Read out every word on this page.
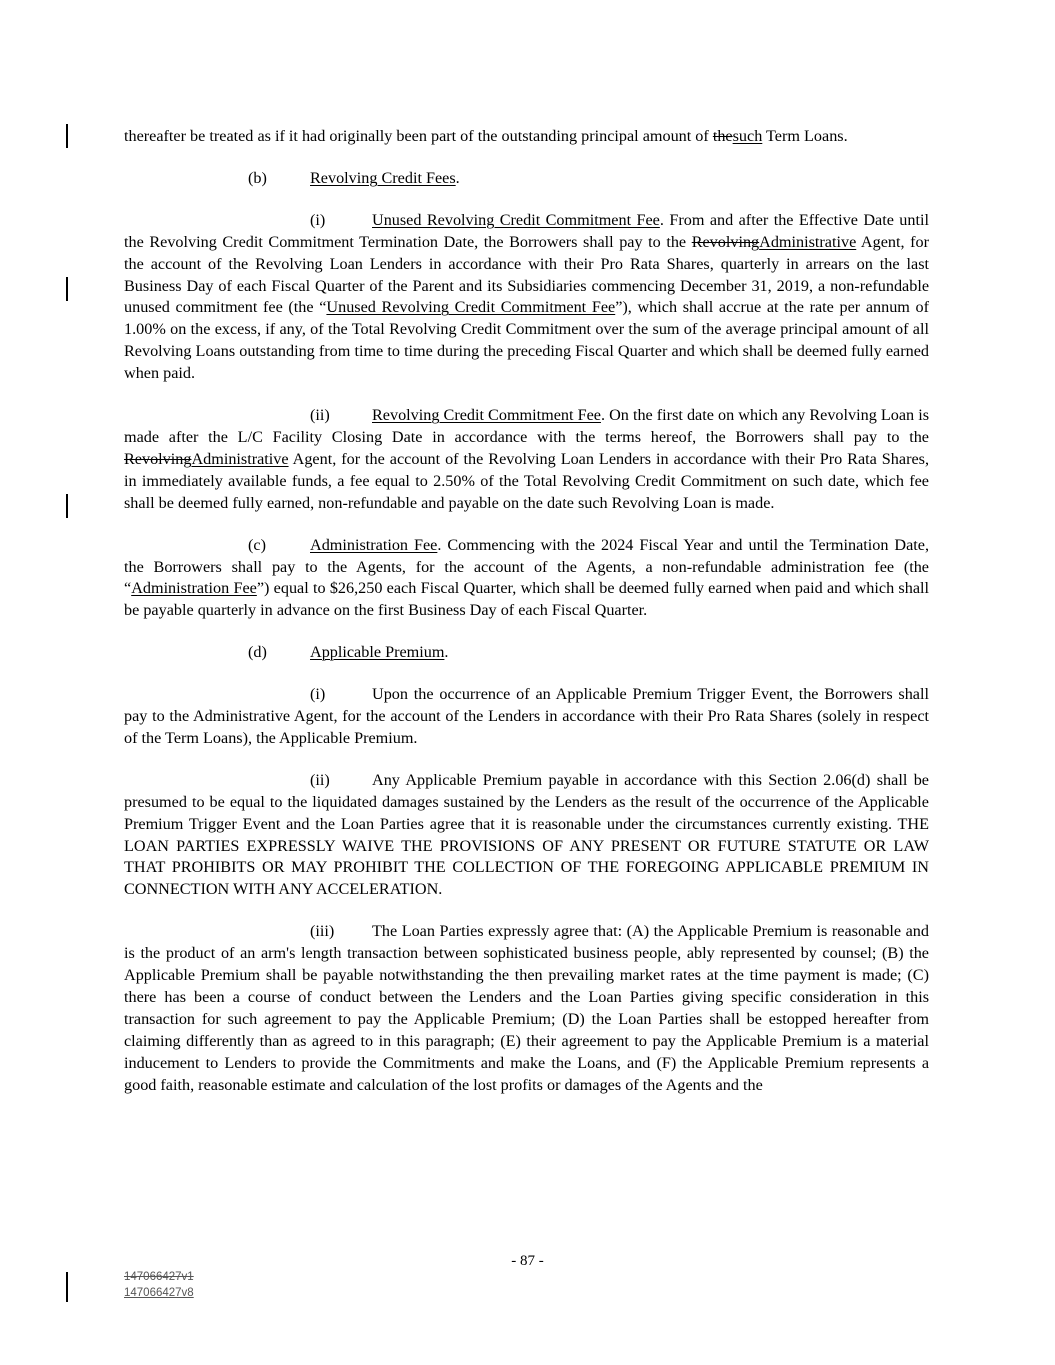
thereafter be treated as if it had originally been part of the outstanding principal amount of thesuch Term Loans.

(b)	Revolving Credit Fees.

(i)	Unused Revolving Credit Commitment Fee. From and after the Effective Date until the Revolving Credit Commitment Termination Date, the Borrowers shall pay to the RevolvingAdministrative Agent, for the account of the Revolving Loan Lenders in accordance with their Pro Rata Shares, quarterly in arrears on the last Business Day of each Fiscal Quarter of the Parent and its Subsidiaries commencing December 31, 2019, a non-refundable unused commitment fee (the “Unused Revolving Credit Commitment Fee”), which shall accrue at the rate per annum of 1.00% on the excess, if any, of the Total Revolving Credit Commitment over the sum of the average principal amount of all Revolving Loans outstanding from time to time during the preceding Fiscal Quarter and which shall be deemed fully earned when paid.

(ii)	Revolving Credit Commitment Fee. On the first date on which any Revolving Loan is made after the L/C Facility Closing Date in accordance with the terms hereof, the Borrowers shall pay to the RevolvingAdministrative Agent, for the account of the Revolving Loan Lenders in accordance with their Pro Rata Shares, in immediately available funds, a fee equal to 2.50% of the Total Revolving Credit Commitment on such date, which fee shall be deemed fully earned, non-refundable and payable on the date such Revolving Loan is made.

(c)	Administration Fee. Commencing with the 2024 Fiscal Year and until the Termination Date, the Borrowers shall pay to the Agents, for the account of the Agents, a non-refundable administration fee (the “Administration Fee”) equal to $26,250 each Fiscal Quarter, which shall be deemed fully earned when paid and which shall be payable quarterly in advance on the first Business Day of each Fiscal Quarter.

(d)	Applicable Premium.

(i)	Upon the occurrence of an Applicable Premium Trigger Event, the Borrowers shall pay to the Administrative Agent, for the account of the Lenders in accordance with their Pro Rata Shares (solely in respect of the Term Loans), the Applicable Premium.

(ii)	Any Applicable Premium payable in accordance with this Section 2.06(d) shall be presumed to be equal to the liquidated damages sustained by the Lenders as the result of the occurrence of the Applicable Premium Trigger Event and the Loan Parties agree that it is reasonable under the circumstances currently existing. THE LOAN PARTIES EXPRESSLY WAIVE THE PROVISIONS OF ANY PRESENT OR FUTURE STATUTE OR LAW THAT PROHIBITS OR MAY PROHIBIT THE COLLECTION OF THE FOREGOING APPLICABLE PREMIUM IN CONNECTION WITH ANY ACCELERATION.

(iii) The Loan Parties expressly agree that: (A) the Applicable Premium is reasonable and is the product of an arm's length transaction between sophisticated business people, ably represented by counsel; (B) the Applicable Premium shall be payable notwithstanding the then prevailing market rates at the time payment is made; (C) there has been a course of conduct between the Lenders and the Loan Parties giving specific consideration in this transaction for such agreement to pay the Applicable Premium; (D) the Loan Parties shall be estopped hereafter from claiming differently than as agreed to in this paragraph; (E) their agreement to pay the Applicable Premium is a material inducement to Lenders to provide the Commitments and make the Loans, and (F) the Applicable Premium represents a good faith, reasonable estimate and calculation of the lost profits or damages of the Agents and the

- 87 -
147066427v1
147066427v8
